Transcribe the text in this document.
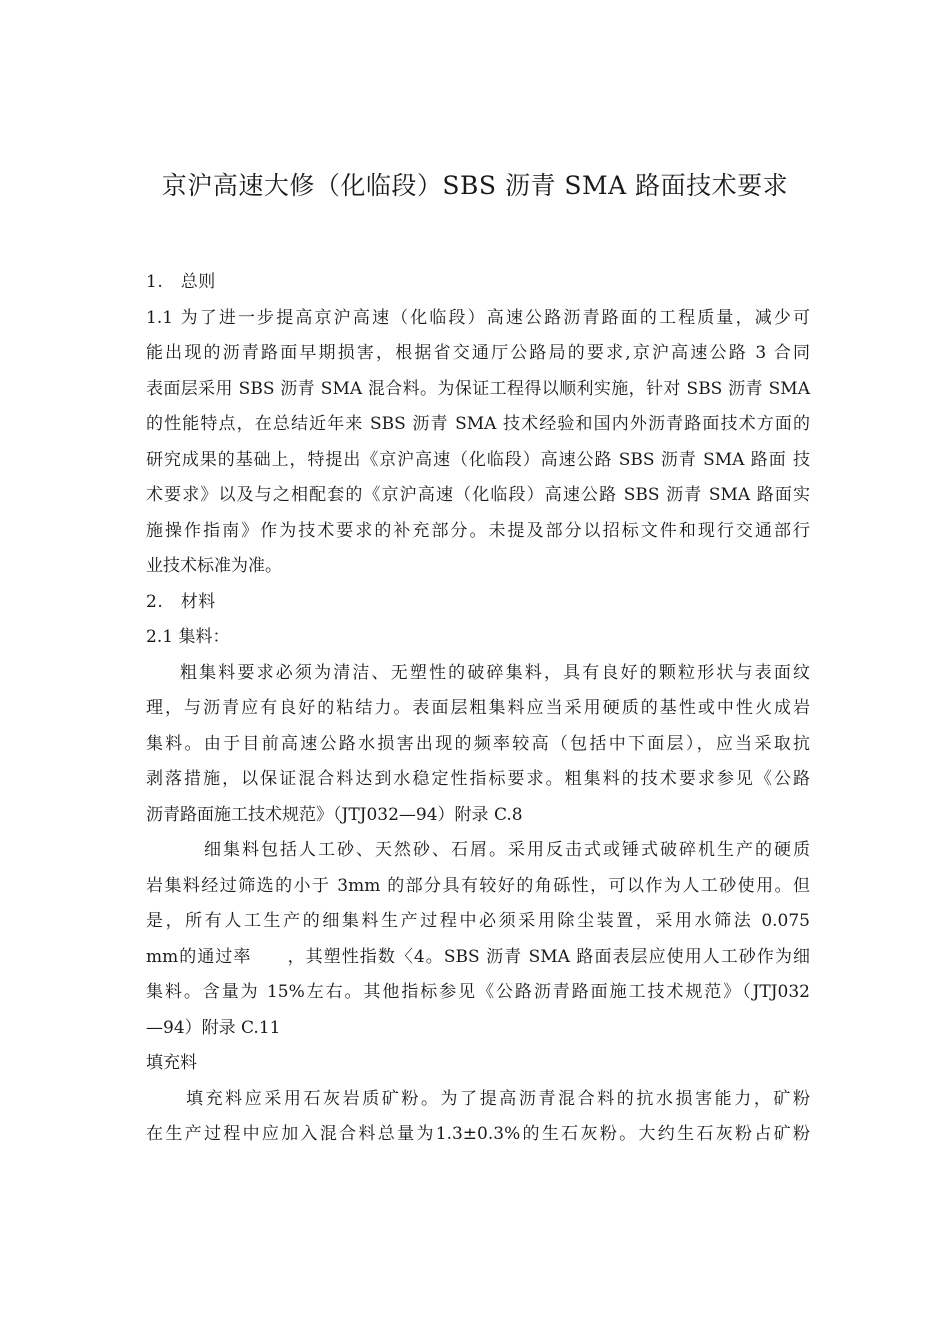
京沪高速大修（化临段）SBS 沥青 SMA 路面技术要求
1.　总则
1.1 为了进一步提高京沪高速（化临段）高速公路沥青路面的工程质量，减少可
能出现的沥青路面早期损害，根据省交通厅公路局的要求,京沪高速公路 3 合同
表面层采用 SBS 沥青 SMA 混合料。为保证工程得以顺利实施，针对 SBS 沥青 SMA
的性能特点，在总结近年来 SBS 沥青 SMA 技术经验和国内外沥青路面技术方面的
研究成果的基础上，特提出《京沪高速（化临段）高速公路 SBS 沥青 SMA 路面 技
术要求》以及与之相配套的《京沪高速（化临段）高速公路 SBS 沥青 SMA 路面实
施操作指南》作为技术要求的补充部分。未提及部分以招标文件和现行交通部行
业技术标准为准。
2.　材料
2.1 集料：
粗集料要求必须为清洁、无塑性的破碎集料，具有良好的颗粒形状与表面纹
理，与沥青应有良好的粘结力。表面层粗集料应当采用硬质的基性或中性火成岩
集料。由于目前高速公路水损害出现的频率较高（包括中下面层），应当采取抗
剥落措施，以保证混合料达到水稳定性指标要求。粗集料的技术要求参见《公路
沥青路面施工技术规范》（JTJ032—94）附录 C.8
细集料包括人工砂、天然砂、石屑。采用反击式或锤式破碎机生产的硬质
岩集料经过筛选的小于 3mm 的部分具有较好的角砾性，可以作为人工砂使用。但
是，所有人工生产的细集料生产过程中必须采用除尘装置，采用水筛法 0.075
mm的通过率　　，其塑性指数〈4。SBS 沥青 SMA 路面表层应使用人工砂作为细
集料。含量为 15%左右。其他指标参见《公路沥青路面施工技术规范》（JTJ032
—94）附录 C.11
填充料
填充料应采用石灰岩质矿粉。为了提高沥青混合料的抗水损害能力，矿粉
在生产过程中应加入混合料总量为1.3±0.3%的生石灰粉。大约生石灰粉占矿粉
